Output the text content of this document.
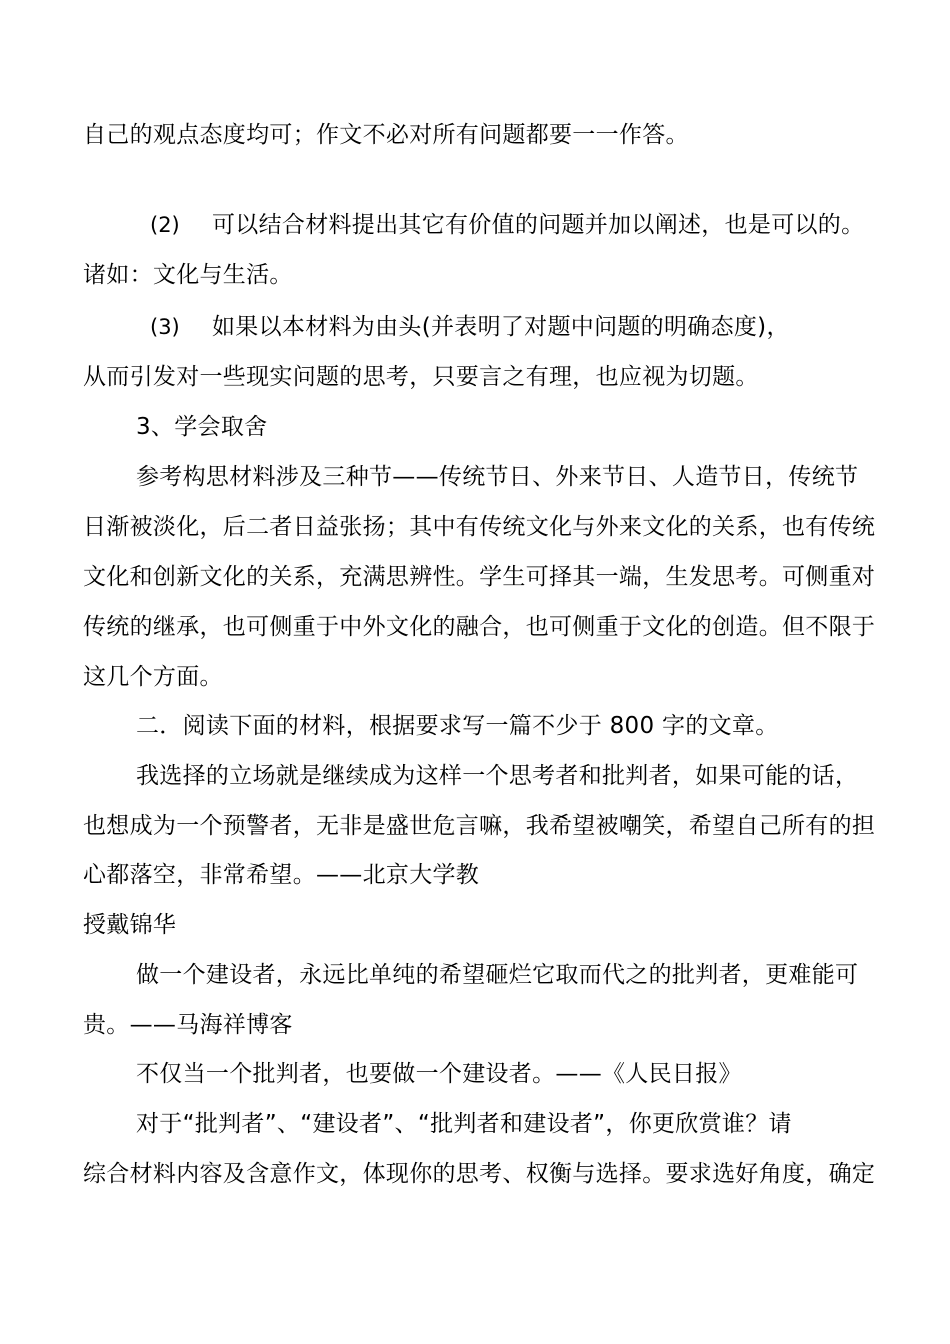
自己的观点态度均可；作文不必对所有问题都要一一作答。
(2) 可以结合材料提出其它有价值的问题并加以阐述，也是可以的。
诸如：文化与生活。
(3) 如果以本材料为由头(并表明了对题中问题的明确态度)，
从而引发对一些现实问题的思考，只要言之有理，也应视为切题。
3、学会取舍
参考构思材料涉及三种节——传统节日、外来节日、人造节日，传统节
日渐被淡化，后二者日益张扬；其中有传统文化与外来文化的关系，也有传统
文化和创新文化的关系，充满思辨性。学生可择其一端，生发思考。可侧重对
传统的继承，也可侧重于中外文化的融合，也可侧重于文化的创造。但不限于
这几个方面。
二．阅读下面的材料，根据要求写一篇不少于 800 字的文章。
我选择的立场就是继续成为这样一个思考者和批判者，如果可能的话，
也想成为一个预警者，无非是盛世危言嘛，我希望被嘲笑，希望自己所有的担
心都落空，非常希望。——北京大学教
授戴锦华
做一个建设者，永远比单纯的希望砸烂它取而代之的批判者，更难能可
贵。——马海祥博客
不仅当一个批判者，也要做一个建设者。——《人民日报》
对于“批判者”、“建设者”、“批判者和建设者”，你更欣赏谁？请
综合材料内容及含意作文，体现你的思考、权衡与选择。要求选好角度，确定
